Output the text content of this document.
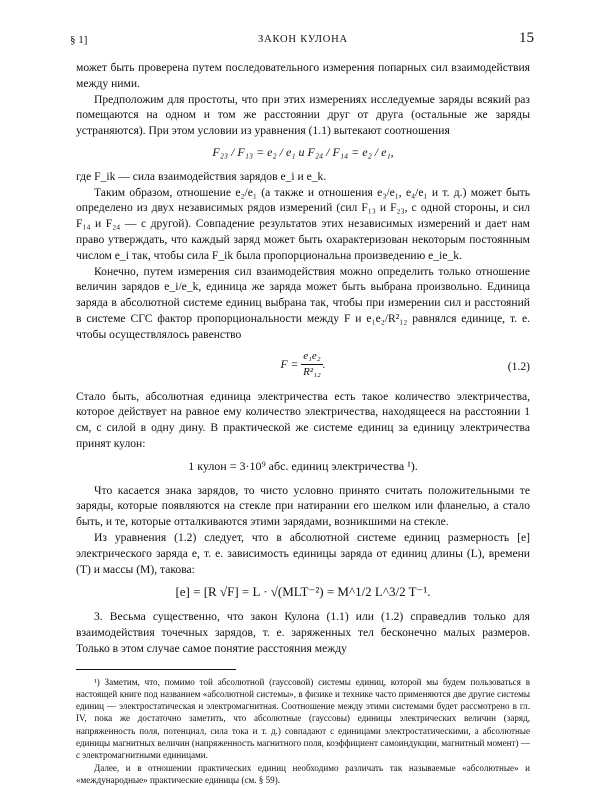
§ 1]	ЗАКОН КУЛОНА	15

может быть проверена путем последовательного измерения попарных сил взаимодействия между ними.

Предположим для простоты, что при этих измерениях исследуемые заряды всякий раз помещаются на одном и том же расстоянии друг от друга (остальные же заряды устраняются). При этом условии из уравнения (1.1) вытекают соотношения

F₂₃ / F₁₃ = e₂ / e₁ и F₂₄ / F₁₄ = e₂ / e₁,

где F_ik — сила взаимодействия зарядов e_i и e_k.

Таким образом, отношение e₂/e₁ (а также и отношения e₃/e₁, e₄/e₁ и т. д.) может быть определено из двух независимых рядов измерений (сил F₁₃ и F₂₃, с одной стороны, и сил F₁₄ и F₂₄ — с другой). Совпадение результатов этих независимых измерений и дает нам право утверждать, что каждый заряд может быть охарактеризован некоторым постоянным числом e_i так, чтобы сила F_ik была пропорциональна произведению e_ie_k.

Конечно, путем измерения сил взаимодействия можно определить только отношение величин зарядов e_i/e_k, единица же заряда может быть выбрана произвольно. Единица заряда в абсолютной системе единиц выбрана так, чтобы при измерении сил и расстояний в системе СГС фактор пропорциональности между F и e₁e₂/R²₁₂ равнялся единице, т. е. чтобы осуществлялось равенство

$F = \frac{\text{e₁e₂}}{\text{R²₁₂}}$ .	(1.2)

Стало быть, абсолютная единица электричества есть такое количество электричества, которое действует на равное ему количество электричества, находящееся на расстоянии 1 см, с силой в одну дину. В практической же системе единиц за единицу электричества принят кулон:

1 кулон = 3·10⁹ абс. единиц электричества ¹).

Что касается знака зарядов, то чисто условно принято считать положительными те заряды, которые появляются на стекле при натирании его шелком или фланелью, а стало быть, и те, которые отталкиваются этими зарядами, возникшими на стекле.

Из уравнения (1.2) следует, что в абсолютной системе единиц размерность [e] электрического заряда e, т. е. зависимость единицы заряда от единиц длины (L), времени (T) и массы (M), такова:

[e] = [R √F] = L · √(MLT⁻²) = M^1/2 L^3/2 T⁻¹.

3. Весьма существенно, что закон Кулона (1.1) или (1.2) справедлив только для взаимодействия точечных зарядов, т. е. заряженных тел бесконечно малых размеров. Только в этом случае самое понятие расстояния между

¹) Заметим, что, помимо той абсолютной (гауссовой) системы единиц, которой мы будем пользоваться в настоящей книге под названием «абсолютной системы», в физике и технике часто применяются две другие системы единиц — электростатическая и электромагнитная. Соотношение между этими системами будет рассмотрено в гл. IV, пока же достаточно заметить, что абсолютные (гауссовы) единицы электрических величин (заряд, напряженность поля, потенциал, сила тока и т. д.) совпадают с единицами электростатическими, а абсолютные единицы магнитных величин (напряженность магнитного поля, коэффициент самоиндукции, магнитный момент) — с электромагнитными единицами.

Далее, и в отношении практических единиц необходимо различать так называемые «абсолютные» и «международные» практические единицы (см. § 59).
